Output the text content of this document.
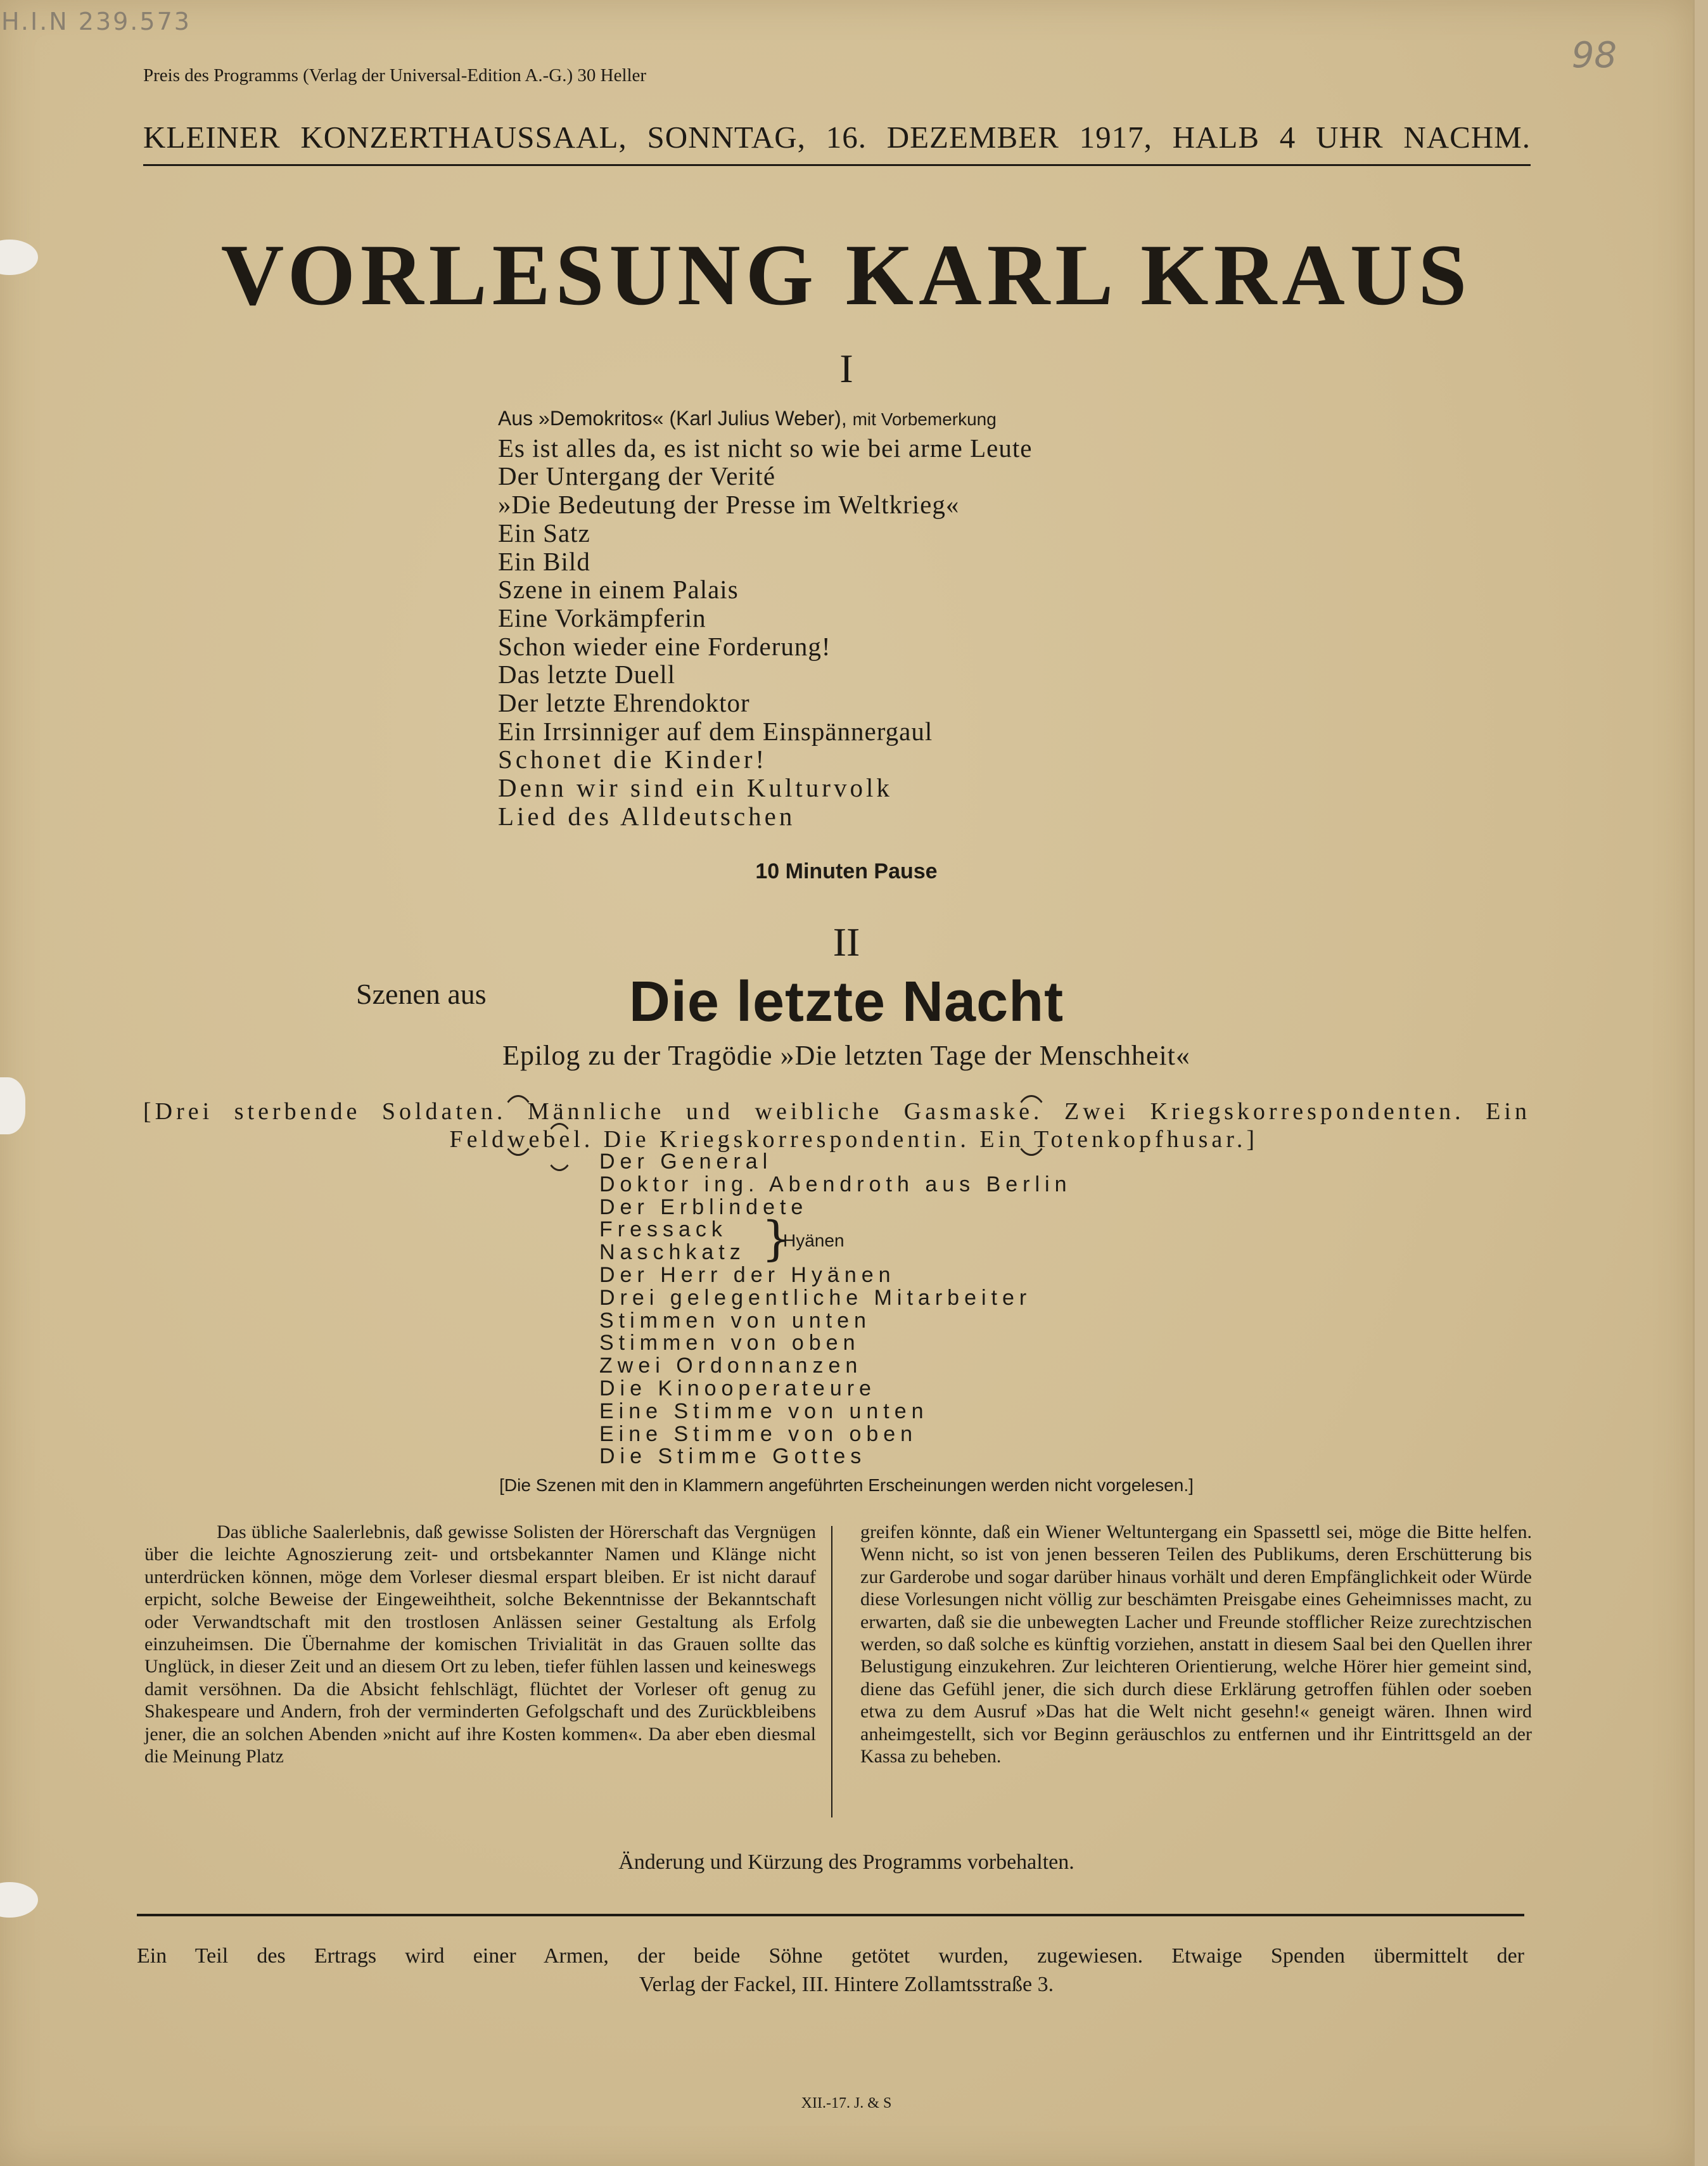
H.I.N 239.573
98
Preis des Programms (Verlag der Universal-Edition A.-G.) 30 Heller
KLEINER KONZERTHAUSSAAL, SONNTAG, 16. DEZEMBER 1917, HALB 4 UHR NACHM.
VORLESUNG KARL KRAUS
I
Aus »Demokritos« (Karl Julius Weber), mit Vorbemerkung
Es ist alles da, es ist nicht so wie bei arme Leute
Der Untergang der Verité
»Die Bedeutung der Presse im Weltkrieg«
Ein Satz
Ein Bild
Szene in einem Palais
Eine Vorkämpferin
Schon wieder eine Forderung!
Das letzte Duell
Der letzte Ehrendoktor
Ein Irrsinniger auf dem Einspännergaul
Schonet die Kinder!
Denn wir sind ein Kulturvolk
Lied des Alldeutschen
10 Minuten Pause
II
Szenen aus	Die letzte Nacht
Epilog zu der Tragödie »Die letzten Tage der Menschheit«
[Drei sterbende Soldaten. Männliche und weibliche Gasmaske. Zwei Kriegskorrespondenten. Ein
Feldwebel. Die Kriegskorrespondentin. Ein Totenkopfhusar.]
Der General
Doktor ing. Abendroth aus Berlin
Der Erblindete
Fressack
Naschkatz
Der Herr der Hyänen
Drei gelegentliche Mitarbeiter
Stimmen von unten
Stimmen von oben
Zwei Ordonnanzen
Die Kinooperateure
Eine Stimme von unten
Eine Stimme von oben
Die Stimme Gottes
}
Hyänen
[Die Szenen mit den in Klammern angeführten Erscheinungen werden nicht vorgelesen.]
Das übliche Saalerlebnis, daß gewisse Solisten der Hörerschaft das Vergnügen über die leichte Agnoszierung zeit- und ortsbekannter Namen und Klänge nicht unterdrücken können, möge dem Vorleser diesmal erspart bleiben. Er ist nicht darauf erpicht, solche Beweise der Eingeweihtheit, solche Bekenntnisse der Bekanntschaft oder Verwandtschaft mit den trostlosen Anlässen seiner Gestaltung als Erfolg einzuheimsen. Die Übernahme der komischen Trivialität in das Grauen sollte das Unglück, in dieser Zeit und an diesem Ort zu leben, tiefer fühlen lassen und keineswegs damit versöhnen. Da die Absicht fehlschlägt, flüchtet der Vorleser oft genug zu Shakespeare und Andern, froh der verminderten Gefolgschaft und des Zurückbleibens jener, die an solchen Abenden »nicht auf ihre Kosten kommen«. Da aber eben diesmal die Meinung Platz
greifen könnte, daß ein Wiener Weltuntergang ein Spassettl sei, möge die Bitte helfen. Wenn nicht, so ist von jenen besseren Teilen des Publikums, deren Erschütterung bis zur Garderobe und sogar darüber hinaus vorhält und deren Empfänglichkeit oder Würde diese Vorlesungen nicht völlig zur beschämten Preisgabe eines Geheimnisses macht, zu erwarten, daß sie die unbewegten Lacher und Freunde stofflicher Reize zurechtzischen werden, so daß solche es künftig vorziehen, anstatt in diesem Saal bei den Quellen ihrer Belustigung einzukehren. Zur leichteren Orientierung, welche Hörer hier gemeint sind, diene das Gefühl jener, die sich durch diese Erklärung getroffen fühlen oder soeben etwa zu dem Ausruf »Das hat die Welt nicht gesehn!« geneigt wären. Ihnen wird anheimgestellt, sich vor Beginn geräuschlos zu entfernen und ihr Eintrittsgeld an der Kassa zu beheben.
Änderung und Kürzung des Programms vorbehalten.
Ein Teil des Ertrags wird einer Armen, der beide Söhne getötet wurden, zugewiesen. Etwaige Spenden übermittelt der
Verlag der Fackel, III. Hintere Zollamtsstraße 3.
XII.-17. J. & S
